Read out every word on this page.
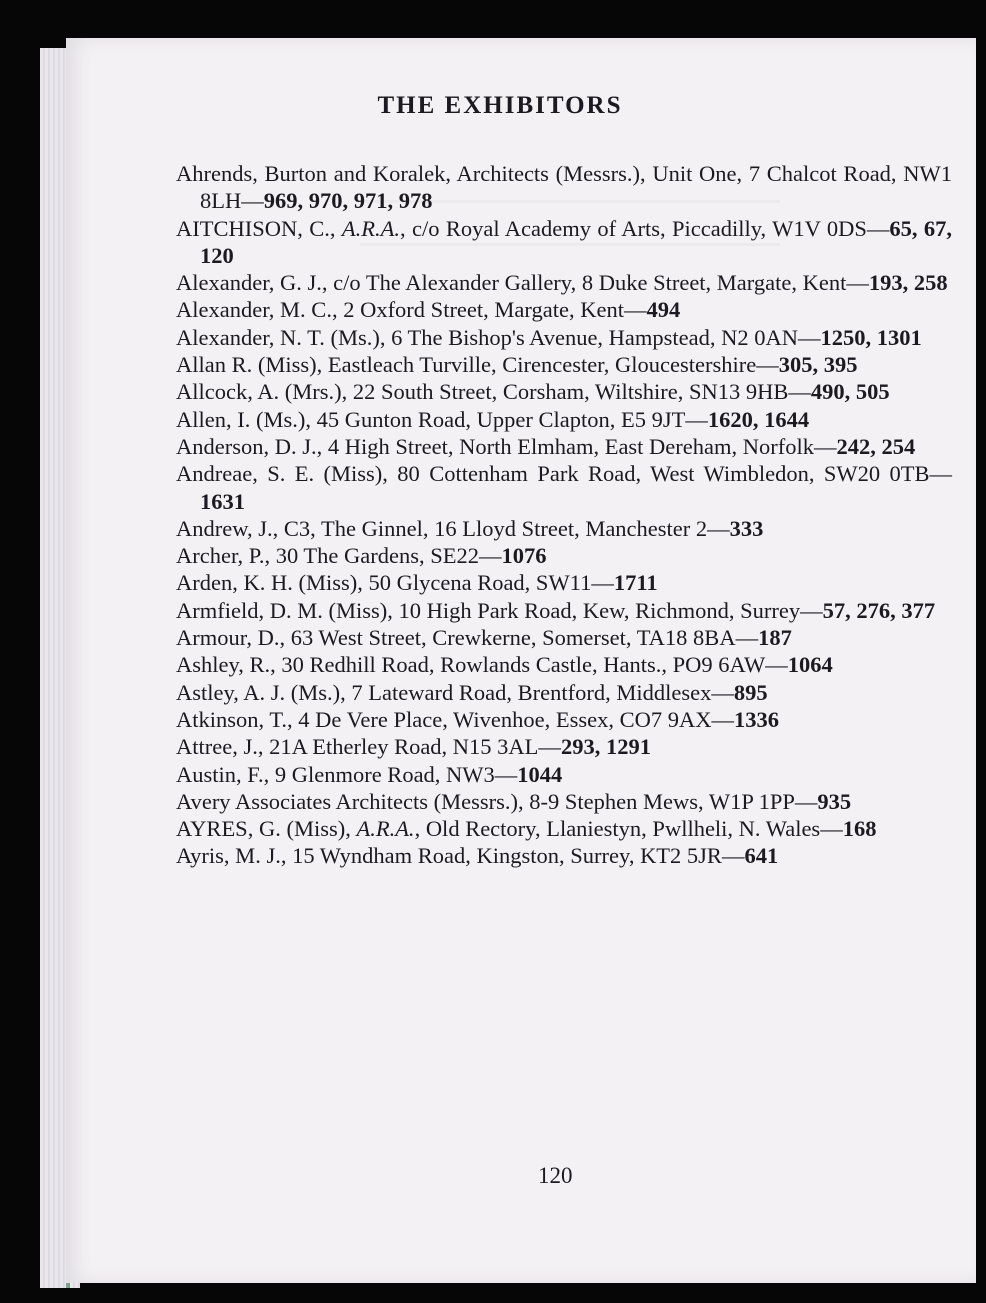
THE EXHIBITORS
Ahrends, Burton and Koralek, Architects (Messrs.), Unit One, 7 Chalcot Road, NW1 8LH—969, 970, 971, 978
AITCHISON, C., A.R.A., c/o Royal Academy of Arts, Piccadilly, W1V 0DS—65, 67, 120
Alexander, G. J., c/o The Alexander Gallery, 8 Duke Street, Margate, Kent—193, 258
Alexander, M. C., 2 Oxford Street, Margate, Kent—494
Alexander, N. T. (Ms.), 6 The Bishop's Avenue, Hampstead, N2 0AN—1250, 1301
Allan R. (Miss), Eastleach Turville, Cirencester, Gloucestershire—305, 395
Allcock, A. (Mrs.), 22 South Street, Corsham, Wiltshire, SN13 9HB—490, 505
Allen, I. (Ms.), 45 Gunton Road, Upper Clapton, E5 9JT—1620, 1644
Anderson, D. J., 4 High Street, North Elmham, East Dereham, Norfolk—242, 254
Andreae, S. E. (Miss), 80 Cottenham Park Road, West Wimbledon, SW20 0TB—1631
Andrew, J., C3, The Ginnel, 16 Lloyd Street, Manchester 2—333
Archer, P., 30 The Gardens, SE22—1076
Arden, K. H. (Miss), 50 Glycena Road, SW11—1711
Armfield, D. M. (Miss), 10 High Park Road, Kew, Richmond, Surrey—57, 276, 377
Armour, D., 63 West Street, Crewkerne, Somerset, TA18 8BA—187
Ashley, R., 30 Redhill Road, Rowlands Castle, Hants., PO9 6AW—1064
Astley, A. J. (Ms.), 7 Lateward Road, Brentford, Middlesex—895
Atkinson, T., 4 De Vere Place, Wivenhoe, Essex, CO7 9AX—1336
Attree, J., 21A Etherley Road, N15 3AL—293, 1291
Austin, F., 9 Glenmore Road, NW3—1044
Avery Associates Architects (Messrs.), 8-9 Stephen Mews, W1P 1PP—935
AYRES, G. (Miss), A.R.A., Old Rectory, Llaniestyn, Pwllheli, N. Wales—168
Ayris, M. J., 15 Wyndham Road, Kingston, Surrey, KT2 5JR—641
120
